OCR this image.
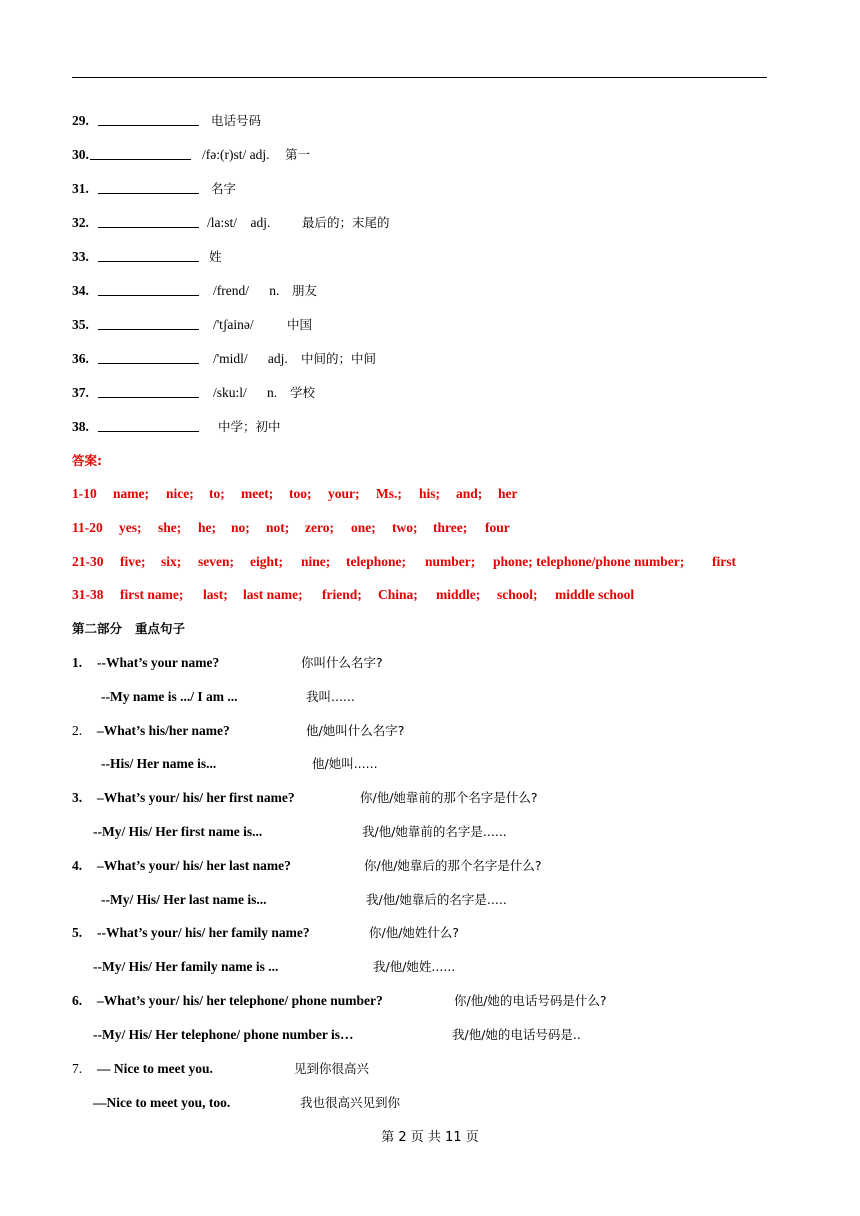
29.	电话号码
30.	/fə:(r)st/ adj. 第一
31.	名字
32.	/la:st/    adj.	最后的；末尾的
33.	姓
34.	/frend/      n. 朋友
35.	/'tʃainə/	中国
36.	/'midl/      adj. 中间的；中间
37.	/sku:l/      n. 学校
38.	中学；初中
答案:
1-10 name; nice; to; meet; too; your; Ms.; his; and; her
11-20 yes; she; he; no; not; zero; one; two; three; four
21-30 five; six; seven; eight; nine; telephone; number; phone; telephone/phone number; first
31-38 first name; last; last name; friend; China; middle; school; middle school
第二部分   重点句子
1. --What’s your name?	你叫什么名字?
--My name is .../ I am ...	我叫......
2. –What’s his/her name?	他/她叫什么名字?
--His/ Her name is...	他/她叫......
3. –What’s your/ his/ her first name?	你/他/她靠前的那个名字是什么?
--My/ His/ Her first name is...	我/他/她靠前的名字是......
4. –What’s your/ his/ her last name?	你/他/她靠后的那个名字是什么?
--My/ His/ Her last name is...	我/他/她靠后的名字是.....
5. --What’s your/ his/ her family name?	你/他/她姓什么?
--My/ His/ Her family name is ...	我/他/她姓......
6. –What’s your/ his/ her telephone/ phone number?	你/他/她的电话号码是什么?
--My/ His/ Her telephone/ phone number is…	我/他/她的电话号码是..
7. — Nice to meet you.	见到你很高兴
—Nice to meet you, too.	我也很高兴见到你
第 2 页 共 11 页
